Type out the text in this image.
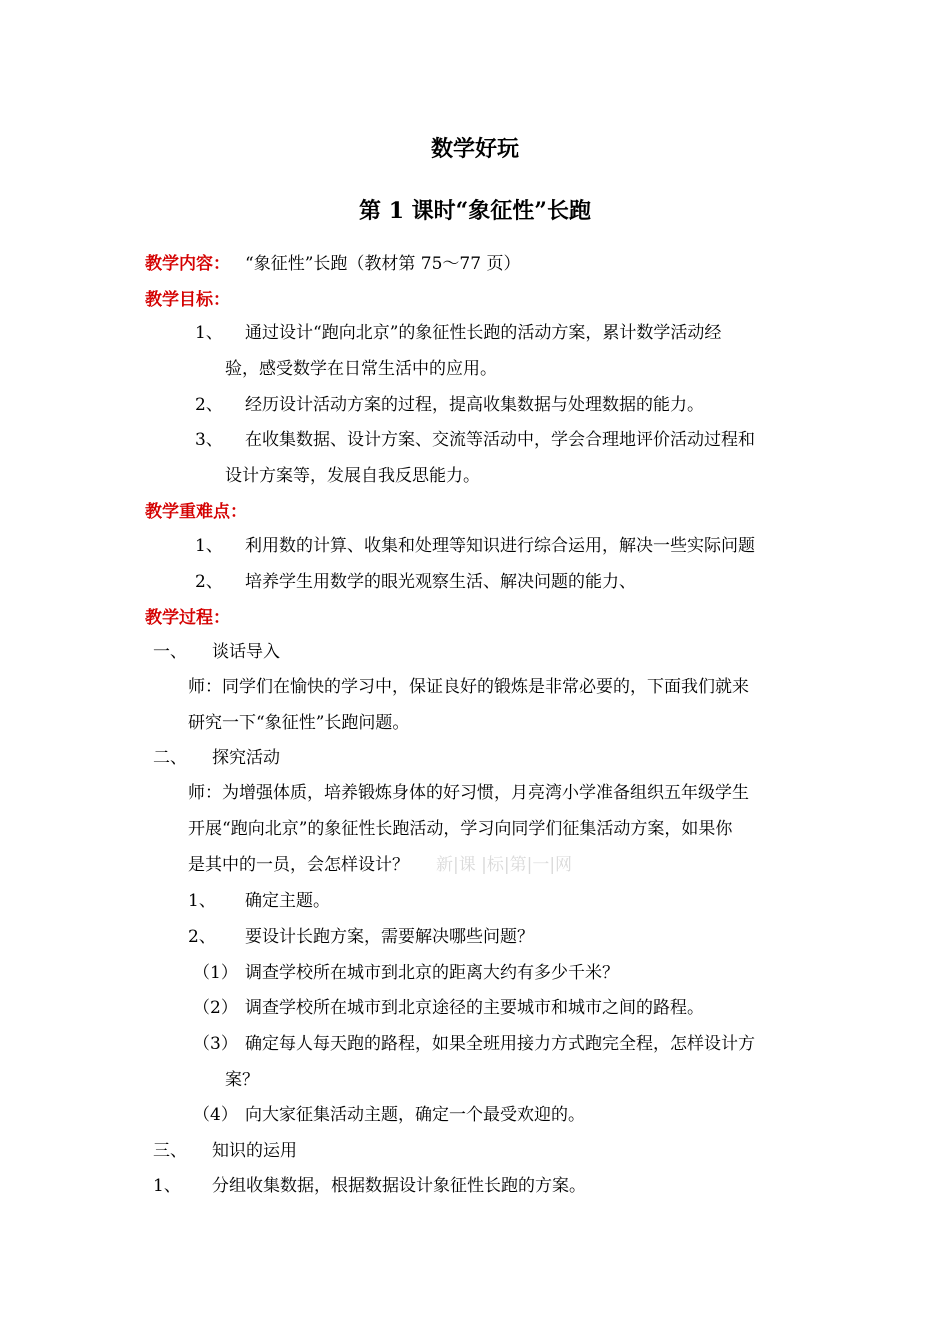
数学好玩
第 1 课时“象征性”长跑
教学内容： “象征性”长跑（教材第 75～77 页）
教学目标：
1、 通过设计“跑向北京”的象征性长跑的活动方案，累计数学活动经
验，感受数学在日常生活中的应用。
2、 经历设计活动方案的过程，提高收集数据与处理数据的能力。
3、 在收集数据、设计方案、交流等活动中，学会合理地评价活动过程和
设计方案等，发展自我反思能力。
教学重难点：
1、 利用数的计算、收集和处理等知识进行综合运用，解决一些实际问题
2、 培养学生用数学的眼光观察生活、解决问题的能力、
教学过程：
一、 谈话导入
师：同学们在愉快的学习中，保证良好的锻炼是非常必要的，下面我们就来
研究一下“象征性”长跑问题。
二、 探究活动
师：为增强体质，培养锻炼身体的好习惯，月亮湾小学准备组织五年级学生
开展“跑向北京”的象征性长跑活动，学习向同学们征集活动方案，如果你
是其中的一员，会怎样设计？ 新|课 |标|第|一|网
1、 确定主题。
2、 要设计长跑方案，需要解决哪些问题？
（1） 调查学校所在城市到北京的距离大约有多少千米？
（2） 调查学校所在城市到北京途径的主要城市和城市之间的路程。
（3） 确定每人每天跑的路程，如果全班用接力方式跑完全程，怎样设计方
案？
（4） 向大家征集活动主题，确定一个最受欢迎的。
三、 知识的运用
1、 分组收集数据，根据数据设计象征性长跑的方案。
